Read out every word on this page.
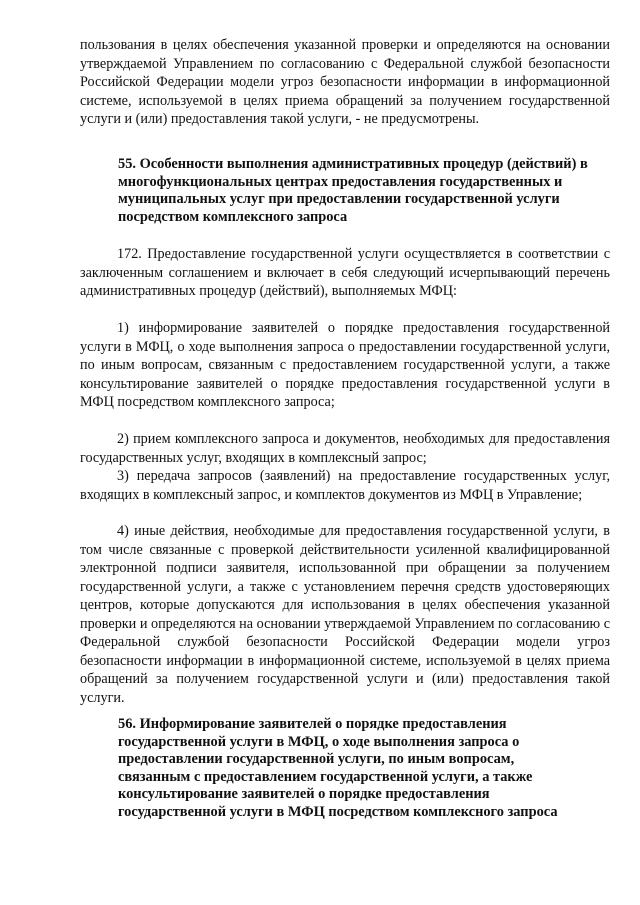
пользования в целях обеспечения указанной проверки и определяются на основании утверждаемой Управлением по согласованию с Федеральной службой безопасности Российской Федерации модели угроз безопасности информации в информационной системе, используемой в целях приема обращений за получением государственной услуги и (или) предоставления такой услуги, - не предусмотрены.

55. Особенности выполнения административных процедур (действий) в многофункциональных центрах предоставления государственных и муниципальных услуг при предоставлении государственной услуги посредством комплексного запроса

172. Предоставление государственной услуги осуществляется в соответствии с заключенным соглашением и включает в себя следующий исчерпывающий перечень административных процедур (действий), выполняемых МФЦ:

1) информирование заявителей о порядке предоставления государственной услуги в МФЦ, о ходе выполнения запроса о предоставлении государственной услуги, по иным вопросам, связанным с предоставлением государственной услуги, а также консультирование заявителей о порядке предоставления государственной услуги в МФЦ посредством комплексного запроса;

2) прием комплексного запроса и документов, необходимых для предоставления государственных услуг, входящих в комплексный запрос;

3) передача запросов (заявлений) на предоставление государственных услуг, входящих в комплексный запрос, и комплектов документов из МФЦ в Управление;

4) иные действия, необходимые для предоставления государственной услуги, в том числе связанные с проверкой действительности усиленной квалифицированной электронной подписи заявителя, использованной при обращении за получением государственной услуги, а также с установлением перечня средств удостоверяющих центров, которые допускаются для использования в целях обеспечения указанной проверки и определяются на основании утверждаемой Управлением по согласованию с Федеральной службой безопасности Российской Федерации модели угроз безопасности информации в информационной системе, используемой в целях приема обращений за получением государственной услуги и (или) предоставления такой услуги.

56. Информирование заявителей о порядке предоставления государственной услуги в МФЦ, о ходе выполнения запроса о предоставлении государственной услуги, по иным вопросам, связанным с предоставлением государственной услуги, а также консультирование заявителей о порядке предоставления государственной услуги в МФЦ посредством комплексного запроса
